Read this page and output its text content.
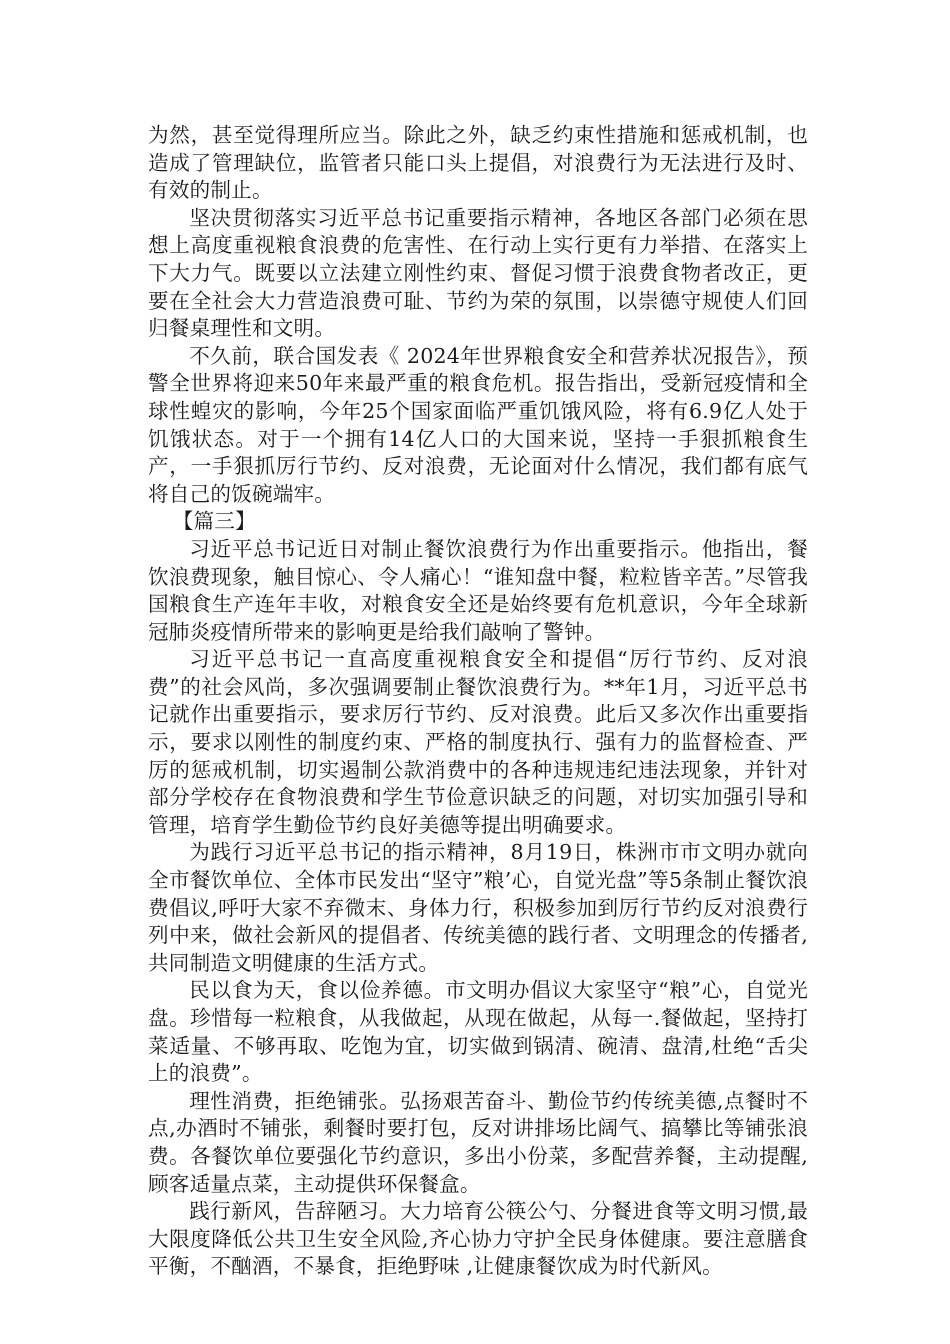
为然，甚至觉得理所应当。除此之外，缺乏约束性措施和惩戒机制，也造成了管理缺位，监管者只能口头上提倡，对浪费行为无法进行及时、有效的制止。

坚决贯彻落实习近平总书记重要指示精神，各地区各部门必须在思想上高度重视粮食浪费的危害性、在行动上实行更有力举措、在落实上下大力气。既要以立法建立刚性约束、督促习惯于浪费食物者改正，更要在全社会大力营造浪费可耻、节约为荣的氛围，以崇德守规使人们回归餐桌理性和文明。

不久前，联合国发表《 2024年世界粮食安全和营养状况报告》，预警全世界将迎来50年来最严重的粮食危机。报告指出，受新冠疫情和全球性蝗灾的影响，今年25个国家面临严重饥饿风险，将有6.9亿人处于饥饿状态。对于一个拥有14亿人口的大国来说，坚持一手狠抓粮食生产，一手狠抓厉行节约、反对浪费，无论面对什么情况，我们都有底气将自己的饭碗端牢。

【篇三】

习近平总书记近日对制止餐饮浪费行为作出重要指示。他指出，餐饮浪费现象，触目惊心、令人痛心！“谁知盘中餐，粒粒皆辛苦。”尽管我国粮食生产连年丰收，对粮食安全还是始终要有危机意识，今年全球新冠肺炎疫情所带来的影响更是给我们敲响了警钟。

习近平总书记一直高度重视粮食安全和提倡“厉行节约、反对浪费”的社会风尚，多次强调要制止餐饮浪费行为。**年1月，习近平总书记就作出重要指示，要求厉行节约、反对浪费。此后又多次作出重要指示，要求以刚性的制度约束、严格的制度执行、强有力的监督检查、严厉的惩戒机制，切实遏制公款消费中的各种违规违纪违法现象，并针对部分学校存在食物浪费和学生节俭意识缺乏的问题，对切实加强引导和管理，培育学生勤俭节约良好美德等提出明确要求。

为践行习近平总书记的指示精神，8月19日，株洲市市文明办就向全市餐饮单位、全体市民发出“坚守”粮’心，自觉光盘”等5条制止餐饮浪费倡议,呼吁大家不弃微末、身体力行，积极参加到厉行节约反对浪费行列中来，做社会新风的提倡者、传统美德的践行者、文明理念的传播者,共同制造文明健康的生活方式。

民以食为天，食以俭养德。市文明办倡议大家坚守“粮”心，自觉光盘。珍惜每一粒粮食，从我做起，从现在做起，从每一.餐做起，坚持打菜适量、不够再取、吃饱为宜，切实做到锅清、碗清、盘清,杜绝“舌尖上的浪费”。

理性消费，拒绝铺张。弘扬艰苦奋斗、勤俭节约传统美德,点餐时不点,办酒时不铺张，剩餐时要打包，反对讲排场比阔气、搞攀比等铺张浪费。各餐饮单位要强化节约意识，多出小份菜，多配营养餐，主动提醒,顾客适量点菜，主动提供环保餐盒。

践行新风，告辞陋习。大力培育公筷公勺、分餐进食等文明习惯,最大限度降低公共卫生安全风险,齐心协力守护全民身体健康。要注意膳食平衡，不酗酒，不暴食，拒绝野味 ,让健康餐饮成为时代新风。
